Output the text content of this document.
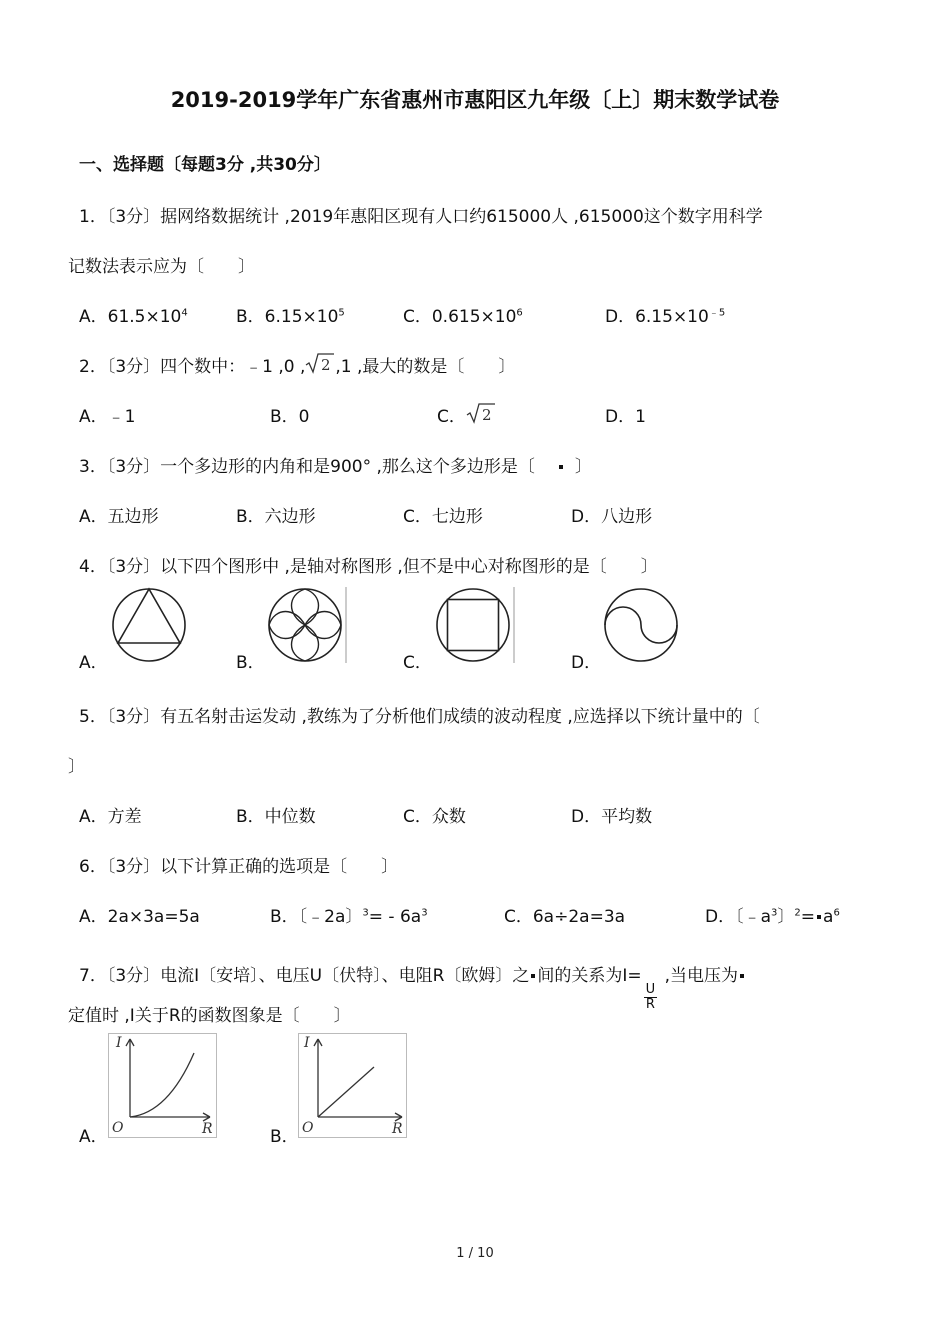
2019-2019学年广东省惠州市惠阳区九年级〔上〕期末数学试卷
一、选择题〔每题3分 ,共30分〕
1．〔3分〕据网络数据统计 ,2019年惠阳区现有人口约615000人 ,615000这个数字用科学
记数法表示应为〔　　〕
A．$61.5\times 10^4$	B．$6.15\times 10^5$	C．$0.615\times 10^6$	D．$6.15\times 10^{﹣5}$
2．〔3分〕四个数中：﹣1 ,0 , 2 ,1 ,最大的数是〔　　〕
A．﹣1	B．0	C． 2	D．1
3．〔3分〕一个多边形的内角和是900° ,那么这个多边形是〔 〕
A．五边形	B．六边形	C．七边形	D．八边形
4．〔3分〕以下四个图形中 ,是轴对称图形 ,但不是中心对称图形的是〔　　〕
A．	B．	C．	D．
5．〔3分〕有五名射击运发动 ,教练为了分析他们成绩的波动程度 ,应选择以下统计量中的〔
〕
A．方差	B．中位数	C．众数	D．平均数
6．〔3分〕以下计算正确的选项是〔　　〕
A．2a×3a=5a	B．〔﹣2a〕$^3= - 6a^3$	C．6a÷2a=3a	D．〔$﹣a^3$〕$^2= a^6$
7．〔3分〕电流I〔安培〕、电压U〔伏特〕、电阻R〔欧姆〕之 间的关系为I=
$\frac{U}{R}$
,当电压为
定值时 ,I关于R的函数图象是〔　　〕
A．	B．
I
O	R
I
O	R
1 / 10
